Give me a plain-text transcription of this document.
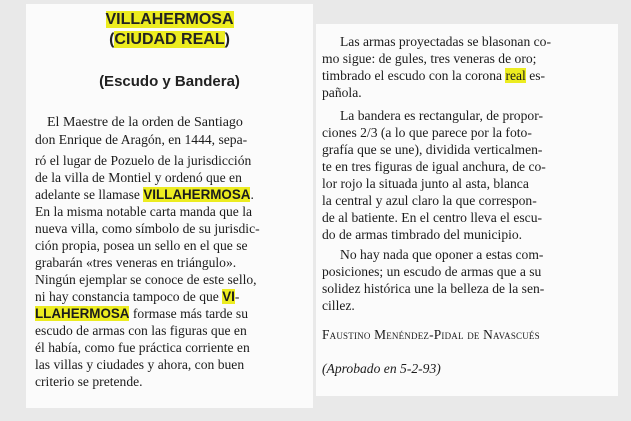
VILLAHERMOSA
(CIUDAD REAL)
(Escudo y Bandera)

El Maestre de la orden de Santiago

don Enrique de Aragón, en 1444, sepa-

ró el lugar de Pozuelo de la jurisdicción

de la villa de Montiel y ordenó que en

adelante se llamase VILLAHERMOSA.

En la misma notable carta manda que la

nueva villa, como símbolo de su jurisdic-

ción propia, posea un sello en el que se

grabarán «tres veneras en triángulo».

Ningún ejemplar se conoce de este sello,

ni hay constancia tampoco de que VI-

LLAHERMOSA formase más tarde su

escudo de armas con las figuras que en

él había, como fue práctica corriente en

las villas y ciudades y ahora, con buen

criterio se pretende.

Las armas proyectadas se blasonan co-

mo sigue: de gules, tres veneras de oro;

timbrado el escudo con la corona real es-

pañola.

La bandera es rectangular, de propor-

ciones 2/3 (a lo que parece por la foto-

grafía que se une), dividida verticalmen-

te en tres figuras de igual anchura, de co-

lor rojo la situada junto al asta, blanca

la central y azul claro la que correspon-

de al batiente. En el centro lleva el escu-

do de armas timbrado del municipio.

No hay nada que oponer a estas com-

posiciones; un escudo de armas que a su

solidez histórica une la belleza de la sen-

cillez.

Faustino Menéndez-Pidal de Navascués

(Aprobado en 5-2-93)
